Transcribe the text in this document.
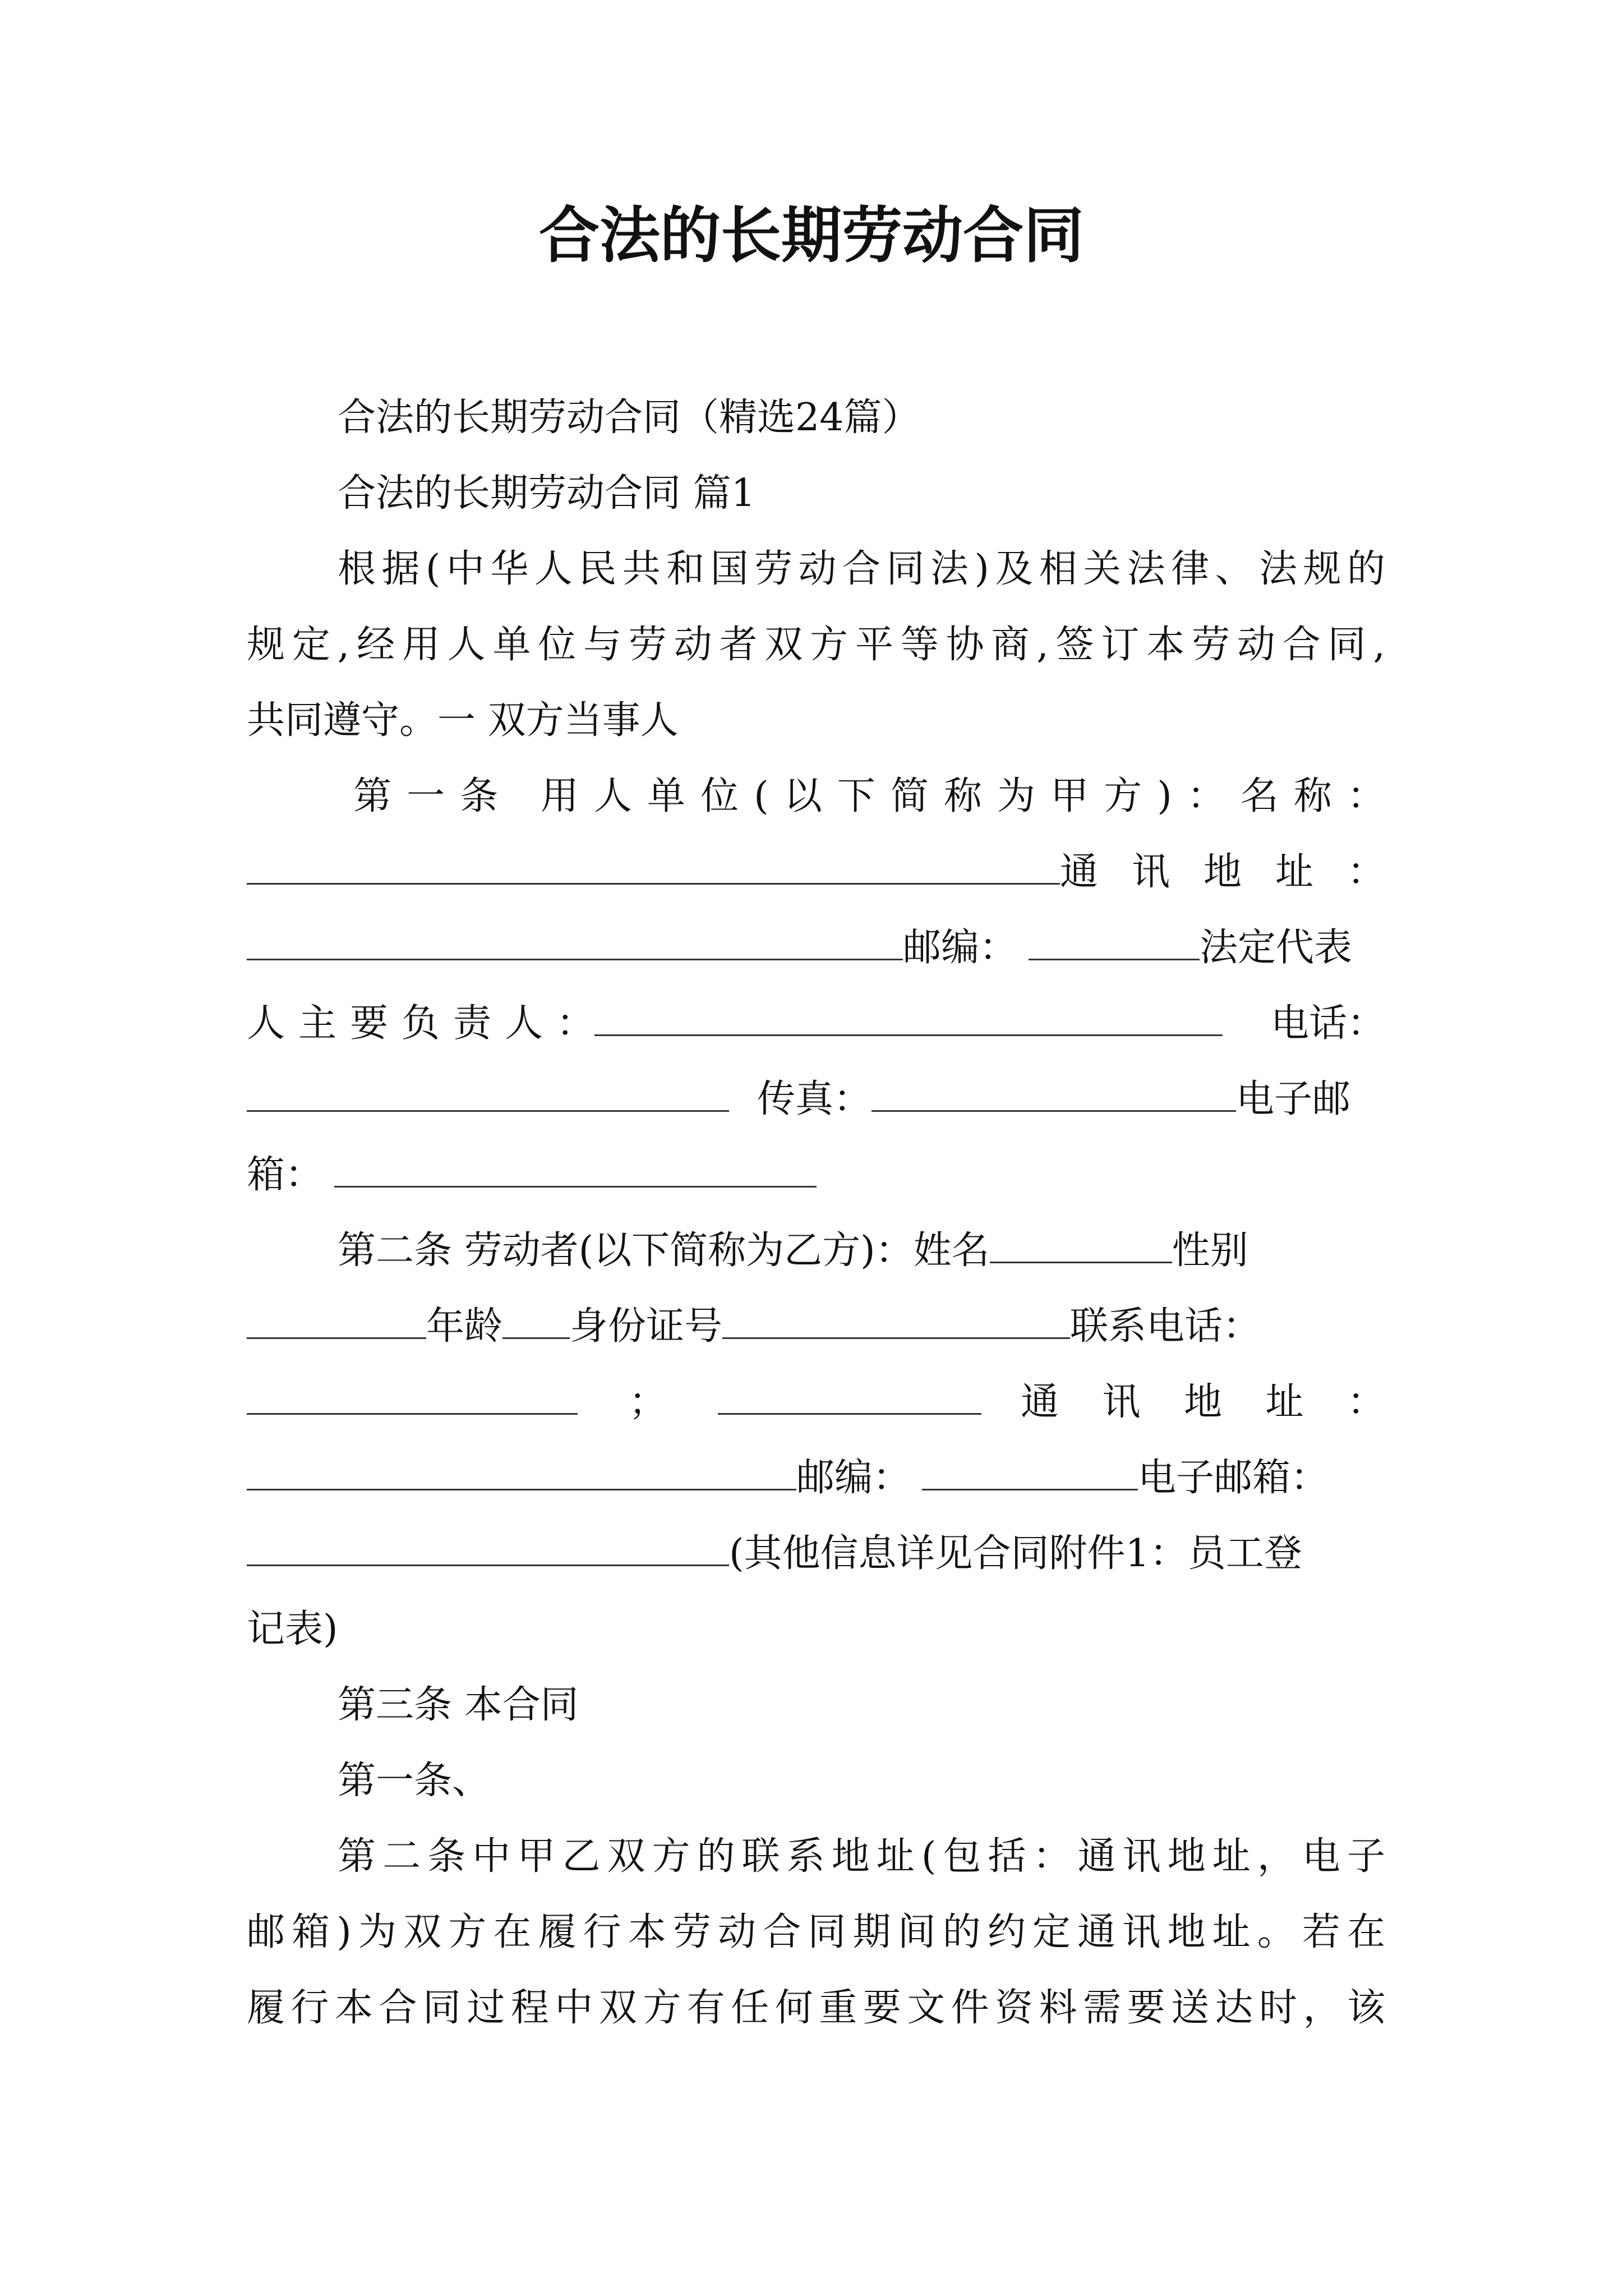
合法的长期劳动合同
合法的长期劳动合同（精选24篇）
合法的长期劳动合同 篇1
根据(中华人民共和国劳动合同法)及相关法律、法规的
规定,经用人单位与劳动者双方平等协商,签订本劳动合同,
共同遵守。一 双方当事人
第一条 用人单位(以下简称为甲方)：名称：
通讯地址：
邮编：	法定代表
人主要负责人：	电话：
传真：	电子邮
箱：
第二条 劳动者(以下简称为乙方)：姓名	性别
年龄 身份证号	联系电话：
；	通讯地址：
邮编：	电子邮箱：
(其他信息详见合同附件1：员工登
记表)
第三条 本合同
第一条、
第二条中甲乙双方的联系地址(包括：通讯地址，电子
邮箱)为双方在履行本劳动合同期间的约定通讯地址。若在
履行本合同过程中双方有任何重要文件资料需要送达时，该
